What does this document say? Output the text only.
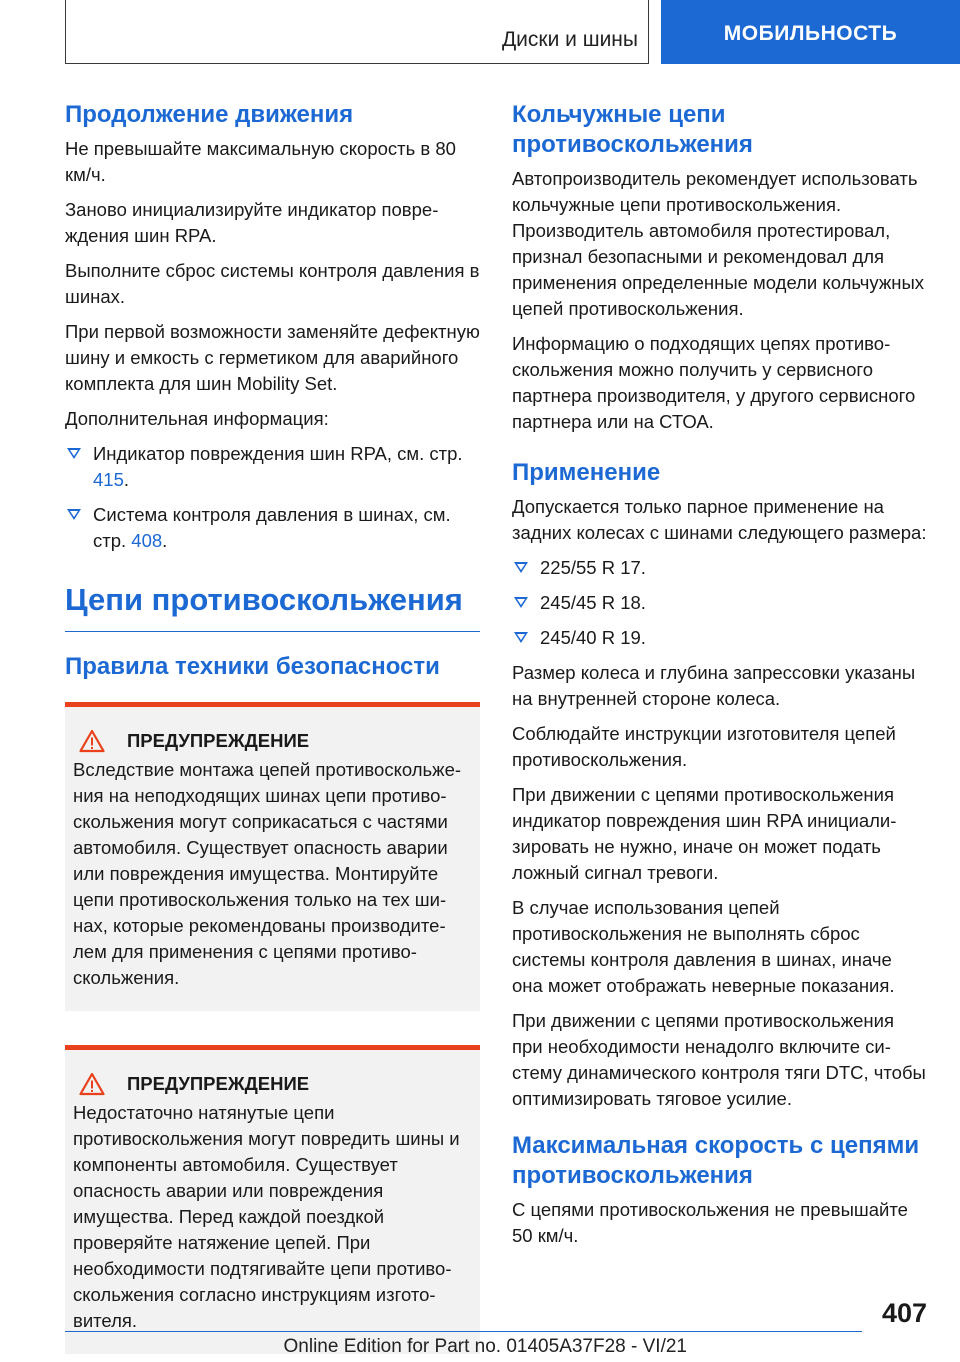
Диски и шины	МОБИЛЬНОСТЬ
Продолжение движения

Не превышайте максимальную скорость в 80 км/ч.

Заново инициализируйте индикатор повреждения шин RPA.

Выполните сброс системы контроля давления в шинах.

При первой возможности заменяйте дефектную шину и емкость с герметиком для аварийного комплекта для шин Mobility Set.

Дополнительная информация:

Индикатор повреждения шин RPA, см. стр. 415.
Система контроля давления в шинах, см. стр. 408.
Цепи противоскольжения
Правила техники безопасности
ПРЕДУПРЕЖДЕНИЕ

Вследствие монтажа цепей противоскольжения на неподходящих шинах цепи противоскольжения могут соприкасаться с частями автомобиля. Существует опасность аварии или повреждения имущества. Монтируйте цепи противоскольжения только на тех шинах, которые рекомендованы производителем для применения с цепями противоскольжения.

ПРЕДУПРЕЖДЕНИЕ

Недостаточно натянутые цепи противоскольжения могут повредить шины и компоненты автомобиля. Существует опасность аварии или повреждения имущества. Перед каждой поездкой проверяйте натяжение цепей. При необходимости подтягивайте цепи противоскольжения согласно инструкциям изготовителя.

Кольчужные цепи противоскольжения

Автопроизводитель рекомендует использовать кольчужные цепи противоскольжения. Производитель автомобиля протестировал, признал безопасными и рекомендовал для применения определенные модели кольчужных цепей противоскольжения.

Информацию о подходящих цепях противоскольжения можно получить у сервисного партнера производителя, у другого сервисного партнера или на СТОА.

Применение

Допускается только парное применение на задних колесах с шинами следующего размера:

225/55 R 17.
245/45 R 18.
245/40 R 19.

Размер колеса и глубина запрессовки указаны на внутренней стороне колеса.

Соблюдайте инструкции изготовителя цепей противоскольжения.

При движении с цепями противоскольжения индикатор повреждения шин RPA инициализировать не нужно, иначе он может подать ложный сигнал тревоги.

В случае использования цепей противоскольжения не выполнять сброс системы контроля давления в шинах, иначе она может отображать неверные показания.

При движении с цепями противоскольжения при необходимости ненадолго включите систему динамического контроля тяги DTC, чтобы оптимизировать тяговое усилие.

Максимальная скорость с цепями противоскольжения

С цепями противоскольжения не превышайте 50 км/ч.

407
Online Edition for Part no. 01405A37F28 - VI/21
